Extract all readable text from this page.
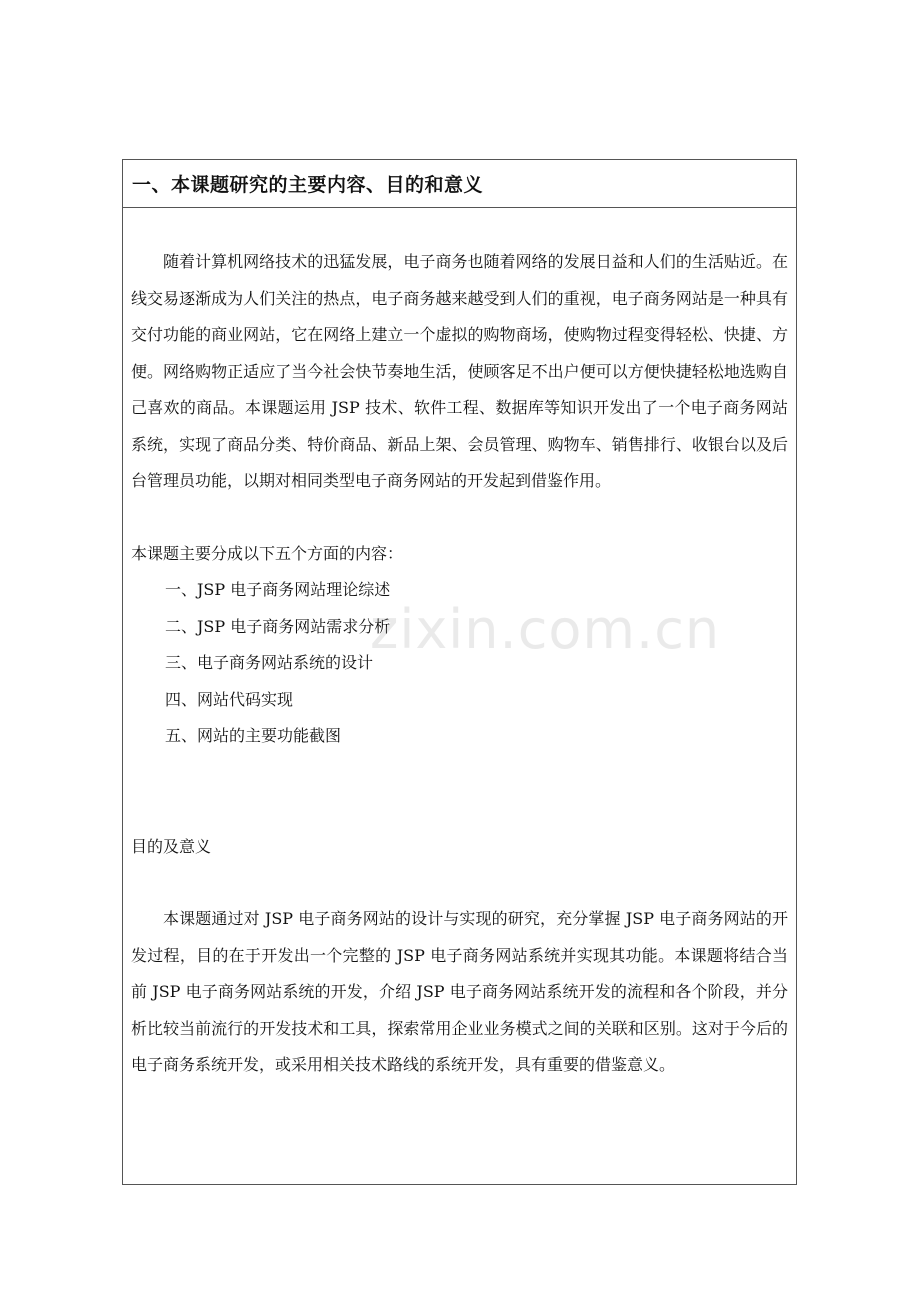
一、本课题研究的主要内容、目的和意义

随着计算机网络技术的迅猛发展，电子商务也随着网络的发展日益和人们的生活贴近。在线交易逐渐成为人们关注的热点，电子商务越来越受到人们的重视，电子商务网站是一种具有交付功能的商业网站，它在网络上建立一个虚拟的购物商场，使购物过程变得轻松、快捷、方便。网络购物正适应了当今社会快节奏地生活，使顾客足不出户便可以方便快捷轻松地选购自己喜欢的商品。本课题运用 JSP 技术、软件工程、数据库等知识开发出了一个电子商务网站系统，实现了商品分类、特价商品、新品上架、会员管理、购物车、销售排行、收银台以及后台管理员功能，以期对相同类型电子商务网站的开发起到借鉴作用。

本课题主要分成以下五个方面的内容：

一、JSP 电子商务网站理论综述

二、JSP 电子商务网站需求分析

三、电子商务网站系统的设计

四、网站代码实现

五、网站的主要功能截图

目的及意义

本课题通过对 JSP 电子商务网站的设计与实现的研究，充分掌握 JSP 电子商务网站的开发过程，目的在于开发出一个完整的 JSP 电子商务网站系统并实现其功能。本课题将结合当前 JSP 电子商务网站系统的开发，介绍 JSP 电子商务网站系统开发的流程和各个阶段，并分析比较当前流行的开发技术和工具，探索常用企业业务模式之间的关联和区别。这对于今后的电子商务系统开发，或采用相关技术路线的系统开发，具有重要的借鉴意义。

zixin.com.cn
